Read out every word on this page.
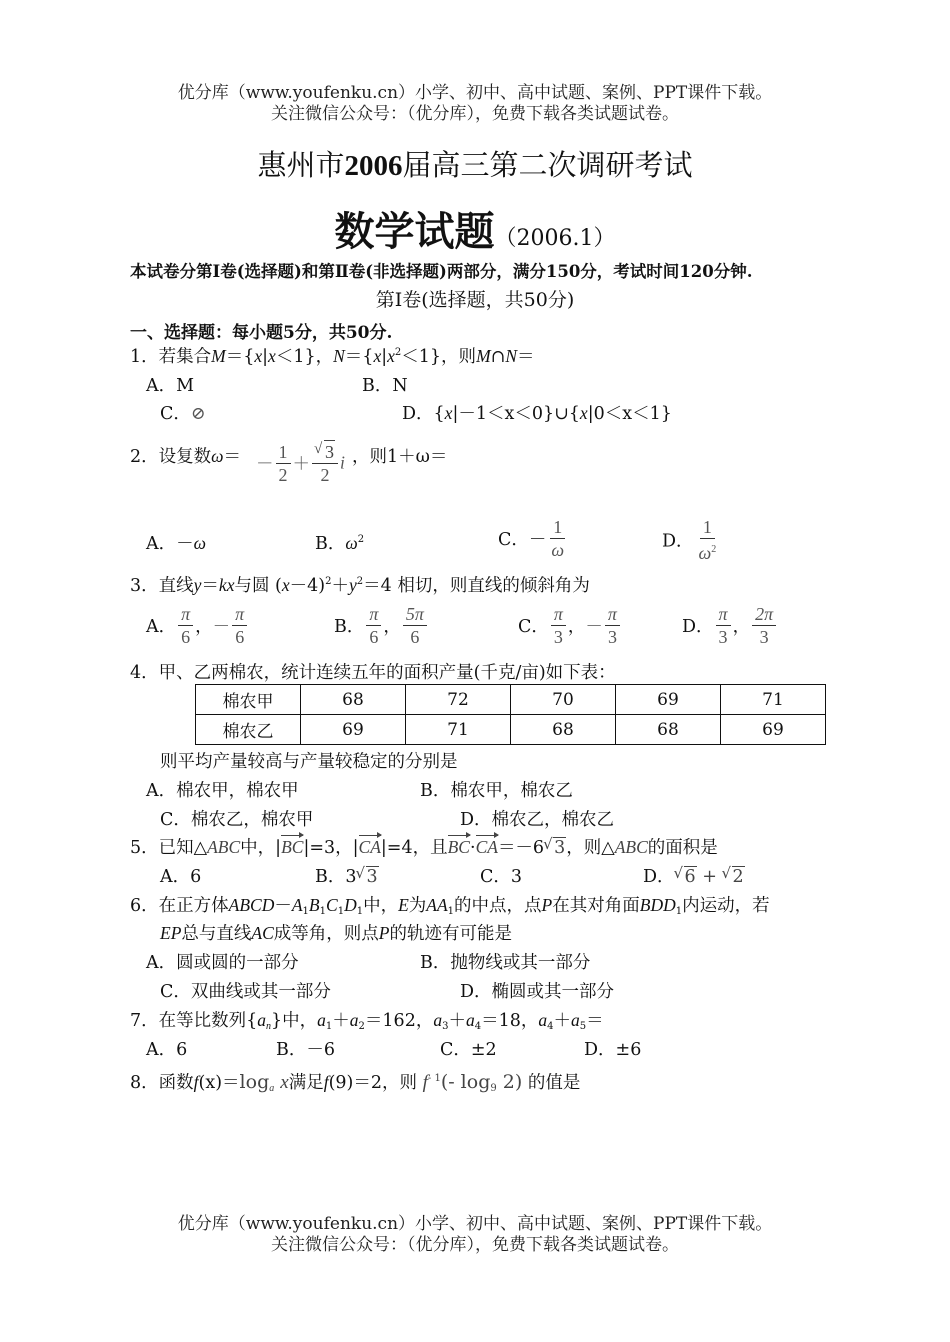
优分库（www.youfenku.cn）小学、初中、高中试题、案例、PPT课件下载。
关注微信公众号：（优分库），免费下载各类试题试卷。
惠州市2006届高三第二次调研考试
数学试题（2006.1）
本试卷分第Ⅰ卷(选择题)和第Ⅱ卷(非选择题)两部分，满分150分，考试时间120分钟.
第Ⅰ卷(选择题，共50分)
一、选择题：每小题5分，共50分.
1．若集合M＝{x|x＜1}，$N=\{x|x^2<1\}$，则M∩N＝
A．M	B．N
C．⊘	D．{x|－1＜x＜0}∪{x|0＜x＜1}
2．设复数$\omega= - \frac{1}{2}$ ＋ √ $\frac{3}{2}$ i ，则1＋ω＝
A．－ω	B．$\omega^2$	C．－ $\frac{1}{\omega}$	D． $\frac{1}{\omega^2}$
3．直线y＝kx与圆 $(x-4)^2+y^2=4$ 相切，则直线的倾斜角为
A． $\frac{\pi}{6}$ ，－ $\frac{\pi}{6}$	B． $\frac{\pi}{6}$ ， $\frac{5\pi}{6}$	C． $\frac{\pi}{3}$ ，－ $\frac{\pi}{3}$	D． $\frac{\pi}{3}$ ， $\frac{2\pi}{3}$
4．甲、乙两棉农，统计连续五年的面积产量(千克/亩)如下表：
棉农甲	68	72	70	69	71
棉农乙	69	71	68	68	69
则平均产量较高与产量较稳定的分别是
A．棉农甲，棉农甲	B．棉农甲，棉农乙
C．棉农乙，棉农甲	D．棉农乙，棉农乙
5．已知△ABC中，|BC|=3，|CA|=4，且BC·CA＝－6 √ 3，则△ABC的面积是
A．6	B．3 √ 3	C．3	D． √ 6 + √ 2
6．在正方体$ABCD-A_1B_1C_1D_1$中，E为$AA_1$的中点，点P在其对角面$BDD_1$内运动，若
EP总与直线AC成等角，则点P的轨迹有可能是
A．圆或圆的一部分	B．抛物线或其一部分
C．双曲线或其一部分	D．椭圆或其一部分
7．在等比数列$\{a_n\}$中，$a_1+a_2=162$，$a_3+a_4=18$，$a_4+a_5=$
A．6	B．－6	C．±2	D．±6
8．函数$f(x)=\log_a$ x满足f(9)＝2，则 $f^{- 1}(-$ $\log_9 2$) 的值是
优分库（www.youfenku.cn）小学、初中、高中试题、案例、PPT课件下载。
关注微信公众号：（优分库），免费下载各类试题试卷。
